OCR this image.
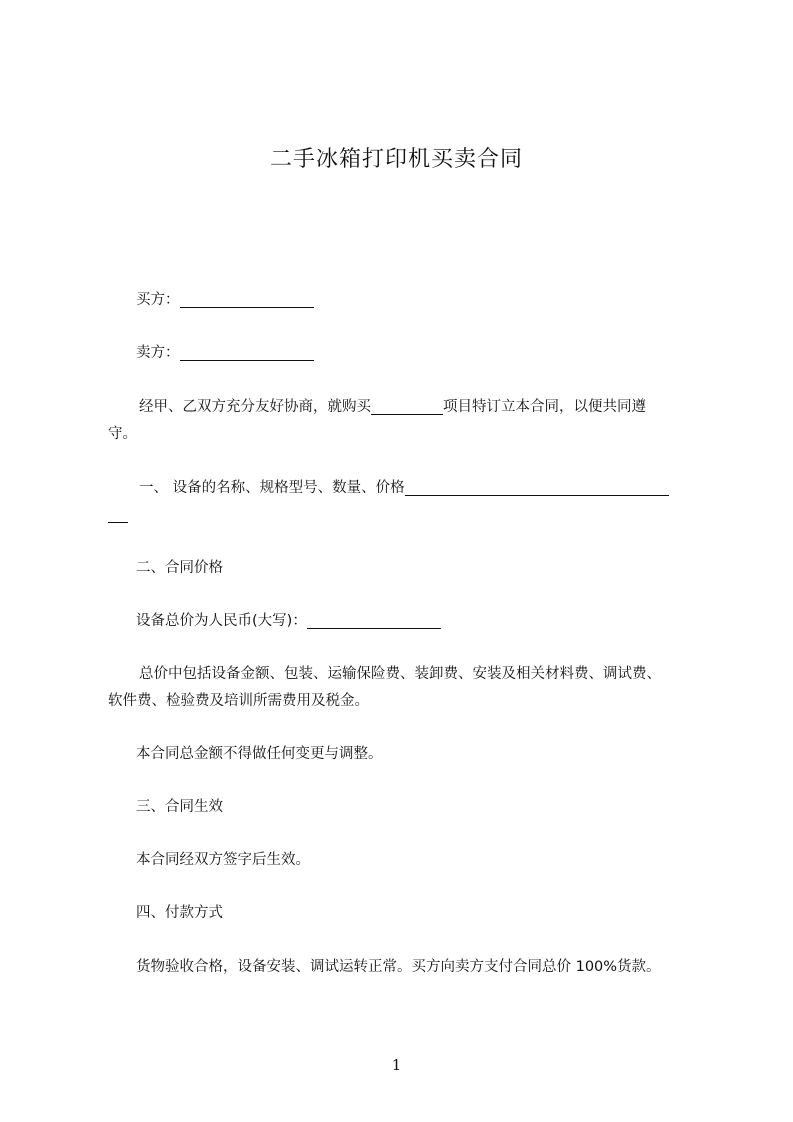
二手冰箱打印机买卖合同
买方：
卖方：
经甲、乙双方充分友好协商，就购买	项目特订立本合同，以便共同遵
守。
一、 设备的名称、规格型号、数量、价格
二、合同价格
设备总价为人民币(大写)：
总价中包括设备金额、包装、运输保险费、装卸费、安装及相关材料费、调试费、
软件费、检验费及培训所需费用及税金。
本合同总金额不得做任何变更与调整。
三、合同生效
本合同经双方签字后生效。
四、付款方式
货物验收合格，设备安装、调试运转正常。买方向卖方支付合同总价 100%货款。
1
